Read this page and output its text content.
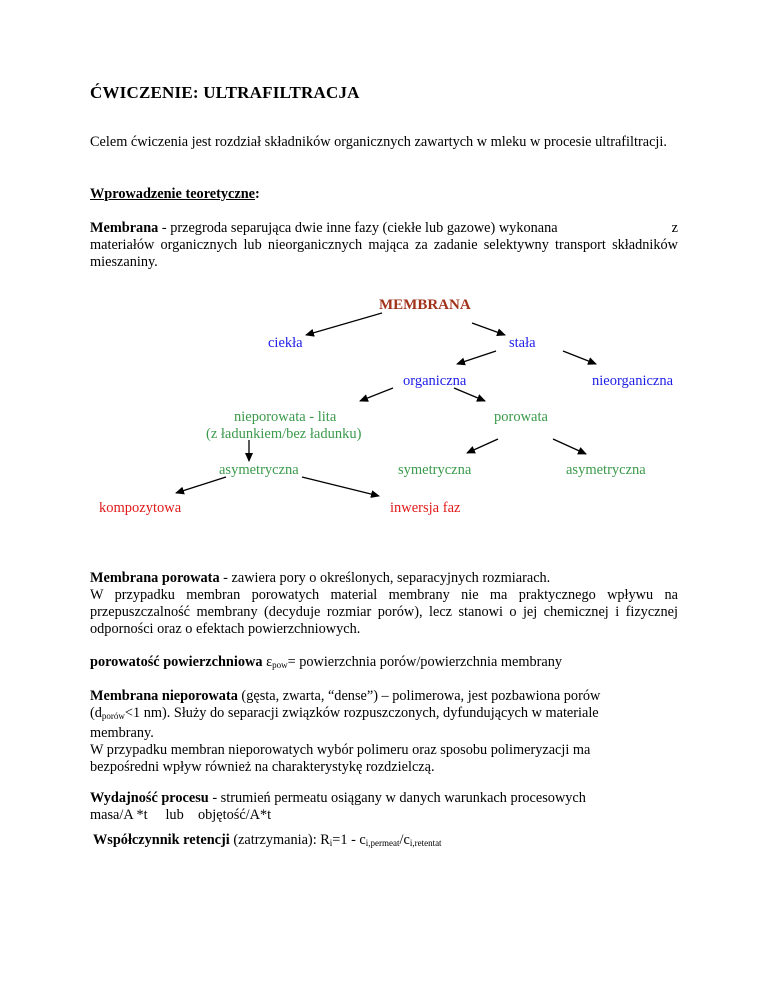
ĆWICZENIE: ULTRAFILTRACJA
Celem ćwiczenia jest rozdział składników organicznych zawartych w mleku w procesie ultrafiltracji.
Wprowadzenie teoretyczne:
Membrana - przegroda separująca dwie inne fazy (ciekłe lub gazowe) wykonana	z
materiałów organicznych lub nieorganicznych mająca za zadanie selektywny transport składników mieszaniny.
MEMBRANA
ciekła	stała
organiczna	nieorganiczna
nieporowata - lita
(z ładunkiem/bez ładunku)
porowata
asymetryczna	symetryczna	asymetryczna
kompozytowa	inwersja faz
Membrana porowata - zawiera pory o określonych, separacyjnych rozmiarach.
W przypadku membran porowatych material membrany nie ma praktycznego wpływu na przepuszczalność membrany (decyduje rozmiar porów), lecz stanowi o jej chemicznej i fizycznej odporności oraz o efektach powierzchniowych.
porowatość powierzchniowa $\varepsilon_{pow}=$ powierzchnia porów/powierzchnia membrany
Membrana nieporowata (gęsta, zwarta, “dense”) – polimerowa, jest pozbawiona porów
($d_{porów}<1$ nm). Służy do separacji związków rozpuszczonych, dyfundujących w materiale
membrany.
W przypadku membran nieporowatych wybór polimeru oraz sposobu polimeryzacji ma
bezpośredni wpływ również na charakterystykę rozdzielczą.
Wydajność procesu - strumień permeatu osiągany w danych warunkach procesowych
masa/A *t     lub    objętość/A*t
Współczynnik retencji (zatrzymania): $R_i=1 - c_{i,permeat}/c_{i,retentat}$
